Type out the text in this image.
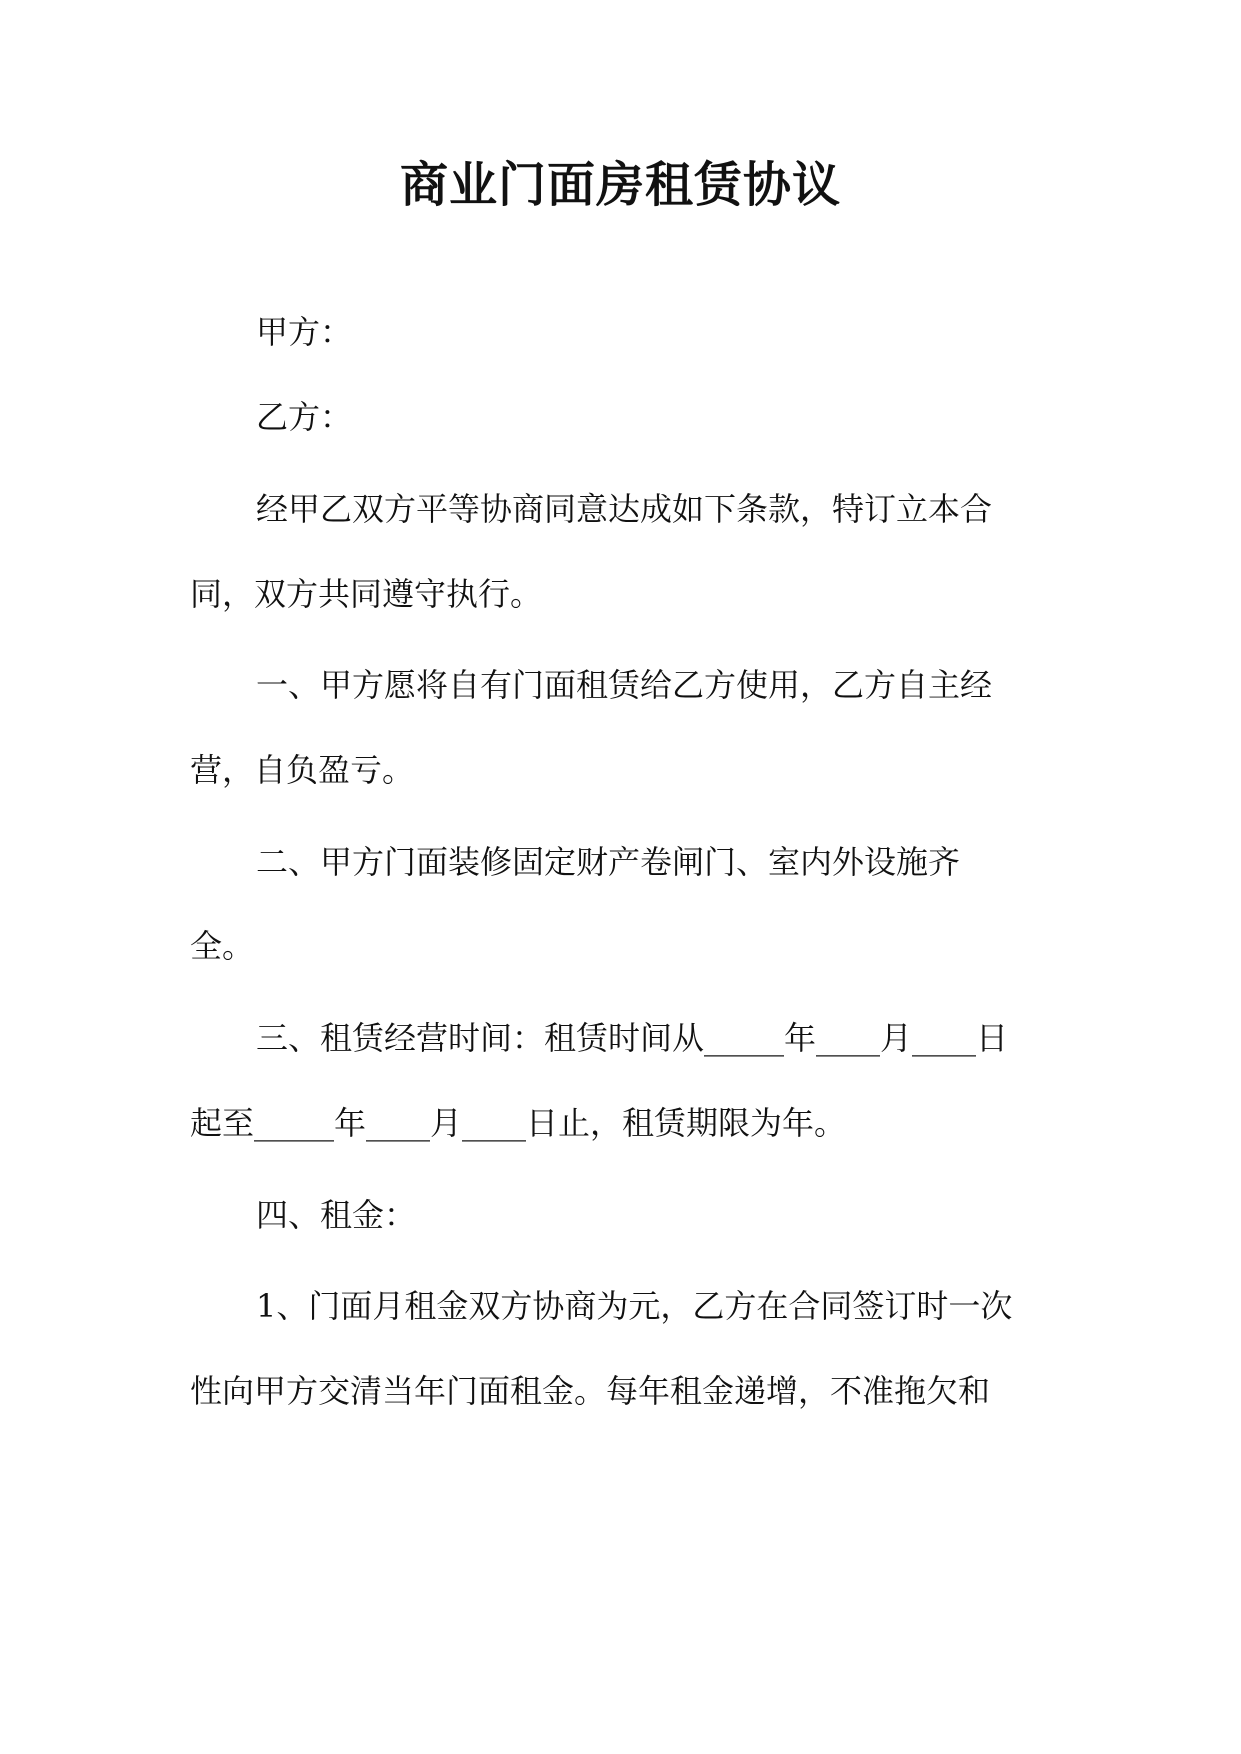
商业门面房租赁协议

甲方：

乙方：

经甲乙双方平等协商同意达成如下条款，特订立本合

同，双方共同遵守执行。

一、甲方愿将自有门面租赁给乙方使用，乙方自主经

营，自负盈亏。

二、甲方门面装修固定财产卷闸门、室内外设施齐

全。

三、租赁经营时间：租赁时间从_____年____月____日

起至_____年____月____日止，租赁期限为年。

四、租金：

1、门面月租金双方协商为元，乙方在合同签订时一次

性向甲方交清当年门面租金。每年租金递增，不准拖欠和
